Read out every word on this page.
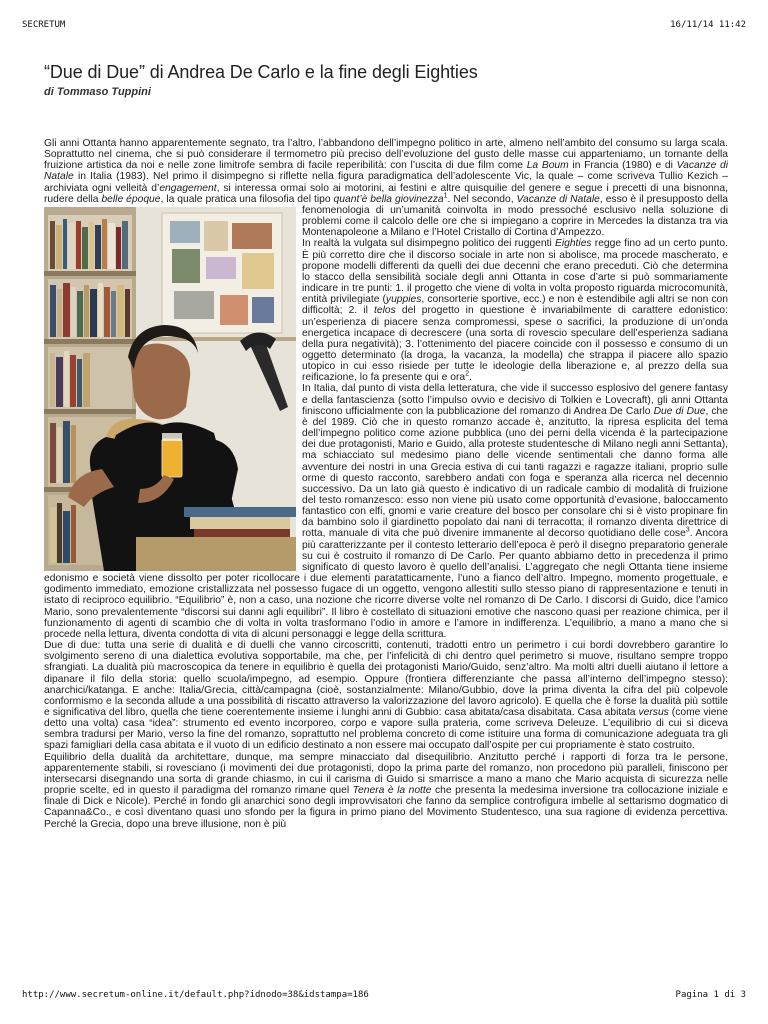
SECRETUM	16/11/14 11:42
“Due di Due” di Andrea De Carlo e la fine degli Eighties
di Tommaso Tuppini

Gli anni Ottanta hanno apparentemente segnato, tra l’altro, l’abbandono dell’impegno politico in arte, almeno nell’ambito del consumo su larga scala. Soprattutto nel cinema, che si può considerare il termometro più preciso dell’evoluzione del gusto delle masse cui apparteniamo, un tornante della fruizione artistica da noi e nelle zone limitrofe sembra di facile reperibilità: con l’uscita di due film come La Boum in Francia (1980) e di Vacanze di Natale in Italia (1983). Nel primo il disimpegno si riflette nella figura paradigmatica dell’adolescente Vic, la quale – come scriveva Tullio Kezich – archiviata ogni velleità d’engagement, si interessa ormai solo ai motorini, ai festini e altre quisquilie del genere e segue i precetti di una bisnonna, rudere della belle époque, la quale pratica una filosofia del tipo quant’è bella giovinezza$^1$. Nel secondo,
Vacanze di Natale, esso è il presupposto della fenomenologia di un’umanità coinvolta in modo pressoché esclusivo nella soluzione di problemi come il calcolo delle ore che si impiegano a coprire in Mercedes la distanza tra via Montenapoleone a Milano e l’Hotel Cristallo di Cortina d’Ampezzo.

In realtà la vulgata sul disimpegno politico dei ruggenti Eighties regge fino ad un certo punto. È più corretto dire che il discorso sociale in arte non si abolisce, ma procede mascherato, e propone modelli differenti da quelli dei due decenni che erano preceduti. Ciò che determina lo stacco della sensibilità sociale degli anni Ottanta in cose d’arte si può sommariamente indicare in tre punti: 1. il progetto che viene di volta in volta proposto riguarda microcomunità, entità privilegiate (yuppies, consorterie sportive, ecc.) e non è estendibile agli altri se non con difficoltà; 2. il telos del progetto in questione è invariabilmente di carattere edonistico: un’esperienza di piacere senza compromessi, spese o sacrifici, la produzione di un’onda energetica incapace di decrescere (una sorta di rovescio speculare dell’esperienza sadiana della pura negatività); 3. l’ottenimento del piacere coincide con il possesso e consumo di un oggetto determinato (la droga, la vacanza, la modella) che strappa il piacere allo spazio utopico in cui esso risiede per tutte le ideologie della liberazione e, al prezzo della sua reificazione, lo fa presente qui e ora$^2$.

In Italia, dal punto di vista della letteratura, che vide il successo esplosivo del genere fantasy e della fantascienza (sotto l’impulso ovvio e decisivo di Tolkien e Lovecraft), gli anni Ottanta finiscono ufficialmente con la pubblicazione del romanzo di Andrea De Carlo Due di Due, che è del 1989. Ciò che in questo romanzo accade è, anzitutto, la ripresa esplicita del tema dell’impegno politico come azione pubblica (uno dei perni della vicenda è la partecipazione dei due protagonisti, Mario e Guido, alla proteste studentesche di Milano negli anni Settanta), ma schiacciato sul medesimo piano delle vicende sentimentali che danno forma alle avventure dei nostri in una Grecia estiva di cui tanti ragazzi e ragazze italiani, proprio sulle orme di questo racconto, sarebbero andati con foga e speranza alla ricerca nel decennio successivo. Da un lato già questo è indicativo di un radicale cambio di modalità di fruizione del testo romanzesco: esso non viene più usato come opportunità d’evasione, baloccamento fantastico con elfi, gnomi e varie creature del bosco per consolare chi si è visto propinare fin da bambino solo il giardinetto popolato dai nani di terracotta; il romanzo diventa direttrice di rotta, manuale di vita che può divenire immanente al decorso quotidiano delle cose$^3$. Ancora più caratterizzante per il contesto letterario dell’epoca è però il disegno preparatorio generale su cui è costruito il romanzo di De Carlo. Per quanto abbiamo detto in precedenza il primo significato di questo lavoro è quello dell’analisi. L’aggregato che negli Ottanta tiene insieme edonismo e società viene dissolto per poter ricollocare i due elementi paratatticamente, l’uno a fianco dell’altro. Impegno, momento progettuale, e godimento immediato, emozione cristallizzata nel possesso fugace di un oggetto, vengono allestiti sullo stesso piano di rappresentazione e tenuti in istato di reciproco equilibrio. “Equilibrio” è, non a caso, una nozione che ricorre diverse volte nel romanzo di De Carlo. I discorsi di Guido, dice l’amico Mario, sono prevalentemente “discorsi sui danni agli equilibri”. Il libro è costellato di situazioni emotive che nascono quasi per reazione chimica, per il funzionamento di agenti di scambio che di volta in volta trasformano l’odio in amore e l’amore in indifferenza. L’equilibrio, a mano a mano che si procede nella lettura, diventa condotta di vita di alcuni personaggi e legge della scrittura.

Due di due: tutta una serie di dualità e di duelli che vanno circoscritti, contenuti, tradotti entro un perimetro i cui bordi dovrebbero garantire lo svolgimento sereno di una dialettica evolutiva sopportabile, ma che, per l’infelicità di chi dentro quel perimetro si muove, risultano sempre troppo sfrangiati. La dualità più macroscopica da tenere in equilibrio è quella dei protagonisti Mario/Guido, senz’altro. Ma molti altri duelli aiutano il lettore a dipanare il filo della storia: quello scuola/impegno, ad esempio. Oppure (frontiera differenziante che passa all’interno dell’impegno stesso): anarchici/katanga. E anche: Italia/Grecia, città/campagna (cioè, sostanzialmente: Milano/Gubbio, dove la prima diventa la cifra del più colpevole conformismo e la seconda allude a una possibilità di riscatto attraverso la valorizzazione del lavoro agricolo). E quella che è forse la dualità più sottile e significativa del libro, quella che tiene coerentemente insieme i lunghi anni di Gubbio: casa abitata/casa disabitata. Casa abitata versus (come viene detto una volta) casa “idea”: strumento ed evento incorporeo, corpo e vapore sulla prateria, come scriveva Deleuze. L’equilibrio di cui si diceva sembra tradursi per Mario, verso la fine del romanzo, soprattutto nel problema concreto di come istituire una forma di comunicazione adeguata tra gli spazi famigliari della casa abitata e il vuoto di un edificio destinato a non essere mai occupato dall’ospite per cui propriamente è stato costruito.

Equilibrio della dualità da architettare, dunque, ma sempre minacciato dal disequilibrio. Anzitutto perché i rapporti di forza tra le persone, apparentemente stabili, si rovesciano (i movimenti dei due protagonisti, dopo la prima parte del romanzo, non procedono più paralleli, finiscono per intersecarsi disegnando una sorta di grande chiasmo, in cui il carisma di Guido si smarrisce a mano a mano che Mario acquista di sicurezza nelle proprie scelte, ed in questo il paradigma del romanzo rimane quel Tenera è la notte che presenta la medesima inversione tra collocazione iniziale e finale di Dick e Nicole). Perché in fondo gli anarchici sono degli improvvisatori che fanno da semplice controfigura imbelle al settarismo dogmatico di Capanna&Co., e così diventano quasi uno sfondo per la figura in primo piano del Movimento Studentesco, una sua ragione di evidenza percettiva. Perché la Grecia, dopo una breve illusione, non è più

http://www.secretum-online.it/default.php?idnodo=38&idstampa=186	Pagina 1 di 3
